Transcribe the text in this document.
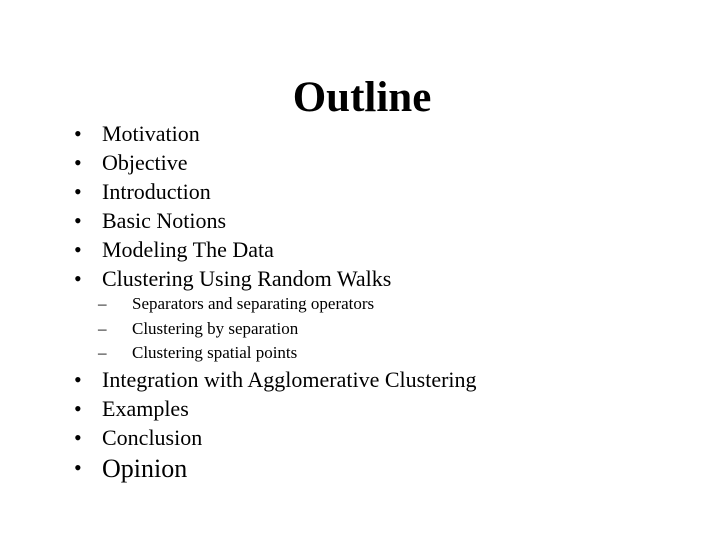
Outline
• Motivation
• Objective
• Introduction
• Basic Notions
• Modeling The Data
• Clustering Using Random Walks
– Separators and separating operators
– Clustering by separation
– Clustering spatial points
• Integration with Agglomerative Clustering
• Examples
• Conclusion
• Opinion
